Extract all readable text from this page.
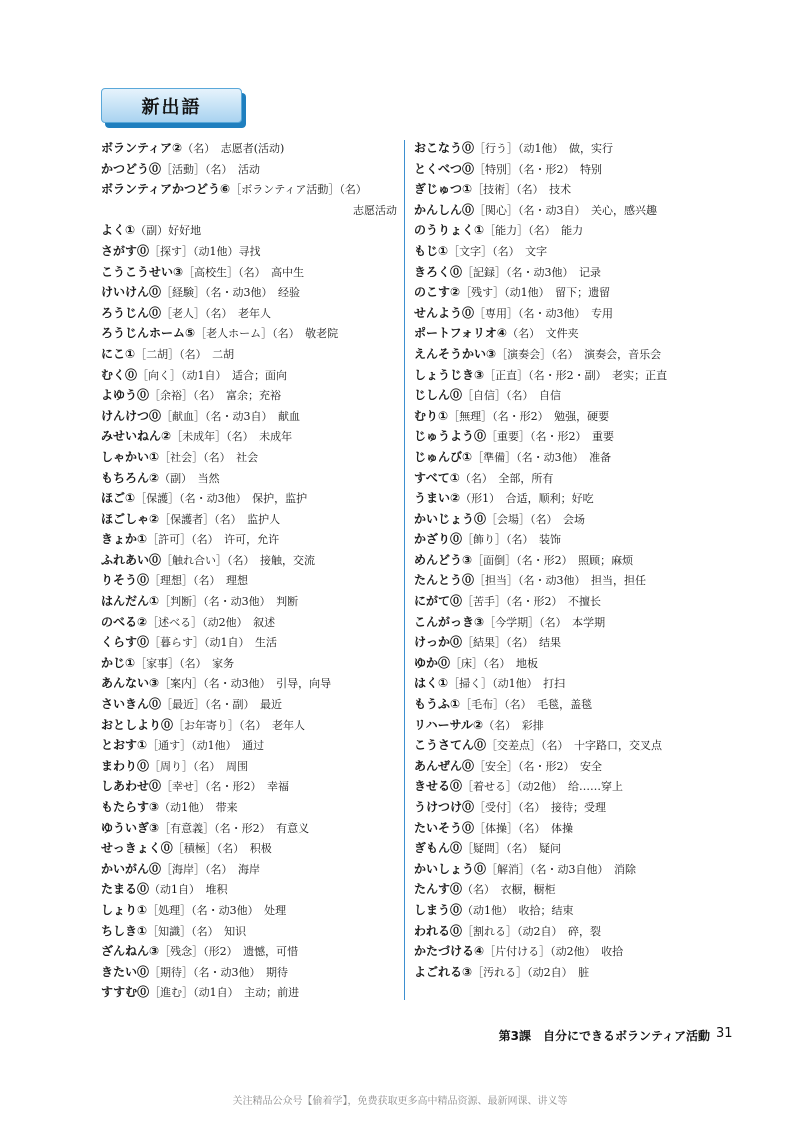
新出語
ボランティア②（名）　志愿者(活动)
かつどう⓪［活動］（名）　活动
ボランティアかつどう⑥［ボランティア活動］（名）
志愿活动
よく①（副）好好地
さがす⓪［探す］（动1他）寻找
こうこうせい③［高校生］（名）　高中生
けいけん⓪［経験］（名・动3他）　经验
ろうじん⓪［老人］（名）　老年人
ろうじんホーム⑤［老人ホーム］（名）　敬老院
にこ①［二胡］（名）　二胡
むく⓪［向く］（动1自）　适合；面向
よゆう⓪［余裕］（名）　富余；充裕
けんけつ⓪［献血］（名・动3自）　献血
みせいねん②［未成年］（名）　未成年
しゃかい①［社会］（名）　社会
もちろん②（副）　当然
ほご①［保護］（名・动3他）　保护，监护
ほごしゃ②［保護者］（名）　监护人
きょか①［許可］（名）　许可，允许
ふれあい⓪［触れ合い］（名）　接触，交流
りそう⓪［理想］（名）　理想
はんだん①［判断］（名・动3他）　判断
のべる②［述べる］（动2他）　叙述
くらす⓪［暮らす］（动1自）　生活
かじ①［家事］（名）　家务
あんない③［案内］（名・动3他）　引导，向导
さいきん⓪［最近］（名・副）　最近
おとしより⓪［お年寄り］（名）　老年人
とおす①［通す］（动1他）　通过
まわり⓪［周り］（名）　周围
しあわせ⓪［幸せ］（名・形2）　幸福
もたらす③（动1他）　带来
ゆういぎ③［有意義］（名・形2）　有意义
せっきょく⓪［積極］（名）　积极
かいがん⓪［海岸］（名）　海岸
たまる⓪（动1自）　堆积
しょり①［処理］（名・动3他）　处理
ちしき①［知識］（名）　知识
ざんねん③［残念］（形2）　遗憾，可惜
きたい⓪［期待］（名・动3他）　期待
すすむ⓪［進む］（动1自）　主动；前进
おこなう⓪［行う］（动1他）　做，实行
とくべつ⓪［特別］（名・形2）　特别
ぎじゅつ①［技術］（名）　技术
かんしん⓪［関心］（名・动3自）　关心，感兴趣
のうりょく①［能力］（名）　能力
もじ①［文字］（名）　文字
きろく⓪［記録］（名・动3他）　记录
のこす②［残す］（动1他）　留下；遗留
せんよう⓪［専用］（名・动3他）　专用
ポートフォリオ④（名）　文件夹
えんそうかい③［演奏会］（名）　演奏会，音乐会
しょうじき③［正直］（名・形2・副）　老实；正直
じしん⓪［自信］（名）　自信
むり①［無理］（名・形2）　勉强，硬要
じゅうよう⓪［重要］（名・形2）　重要
じゅんび①［準備］（名・动3他）　准备
すべて①（名）　全部，所有
うまい②（形1）　合适，顺利；好吃
かいじょう⓪［会場］（名）　会场
かざり⓪［飾り］（名）　装饰
めんどう③［面倒］（名・形2）　照顾；麻烦
たんとう⓪［担当］（名・动3他）　担当，担任
にがて⓪［苦手］（名・形2）　不擅长
こんがっき③［今学期］（名）　本学期
けっか⓪［結果］（名）　结果
ゆか⓪［床］（名）　地板
はく①［掃く］（动1他）　打扫
もうふ①［毛布］（名）　毛毯，盖毯
リハーサル②（名）　彩排
こうさてん⓪［交差点］（名）　十字路口，交叉点
あんぜん⓪［安全］（名・形2）　安全
きせる⓪［着せる］（动2他）　给……穿上
うけつけ⓪［受付］（名）　接待；受理
たいそう⓪［体操］（名）　体操
ぎもん⓪［疑問］（名）　疑问
かいしょう⓪［解消］（名・动3自他）　消除
たんす⓪（名）　衣橱，橱柜
しまう⓪（动1他）　收拾；结束
われる⓪［割れる］（动2自）　碎，裂
かたづける④［片付ける］（动2他）　收拾
よごれる③［汚れる］（动2自）　脏
第3課　自分にできるボランティア活動 31
关注精品公众号【偷着学】，免费获取更多高中精品资源、最新网课、讲义等
